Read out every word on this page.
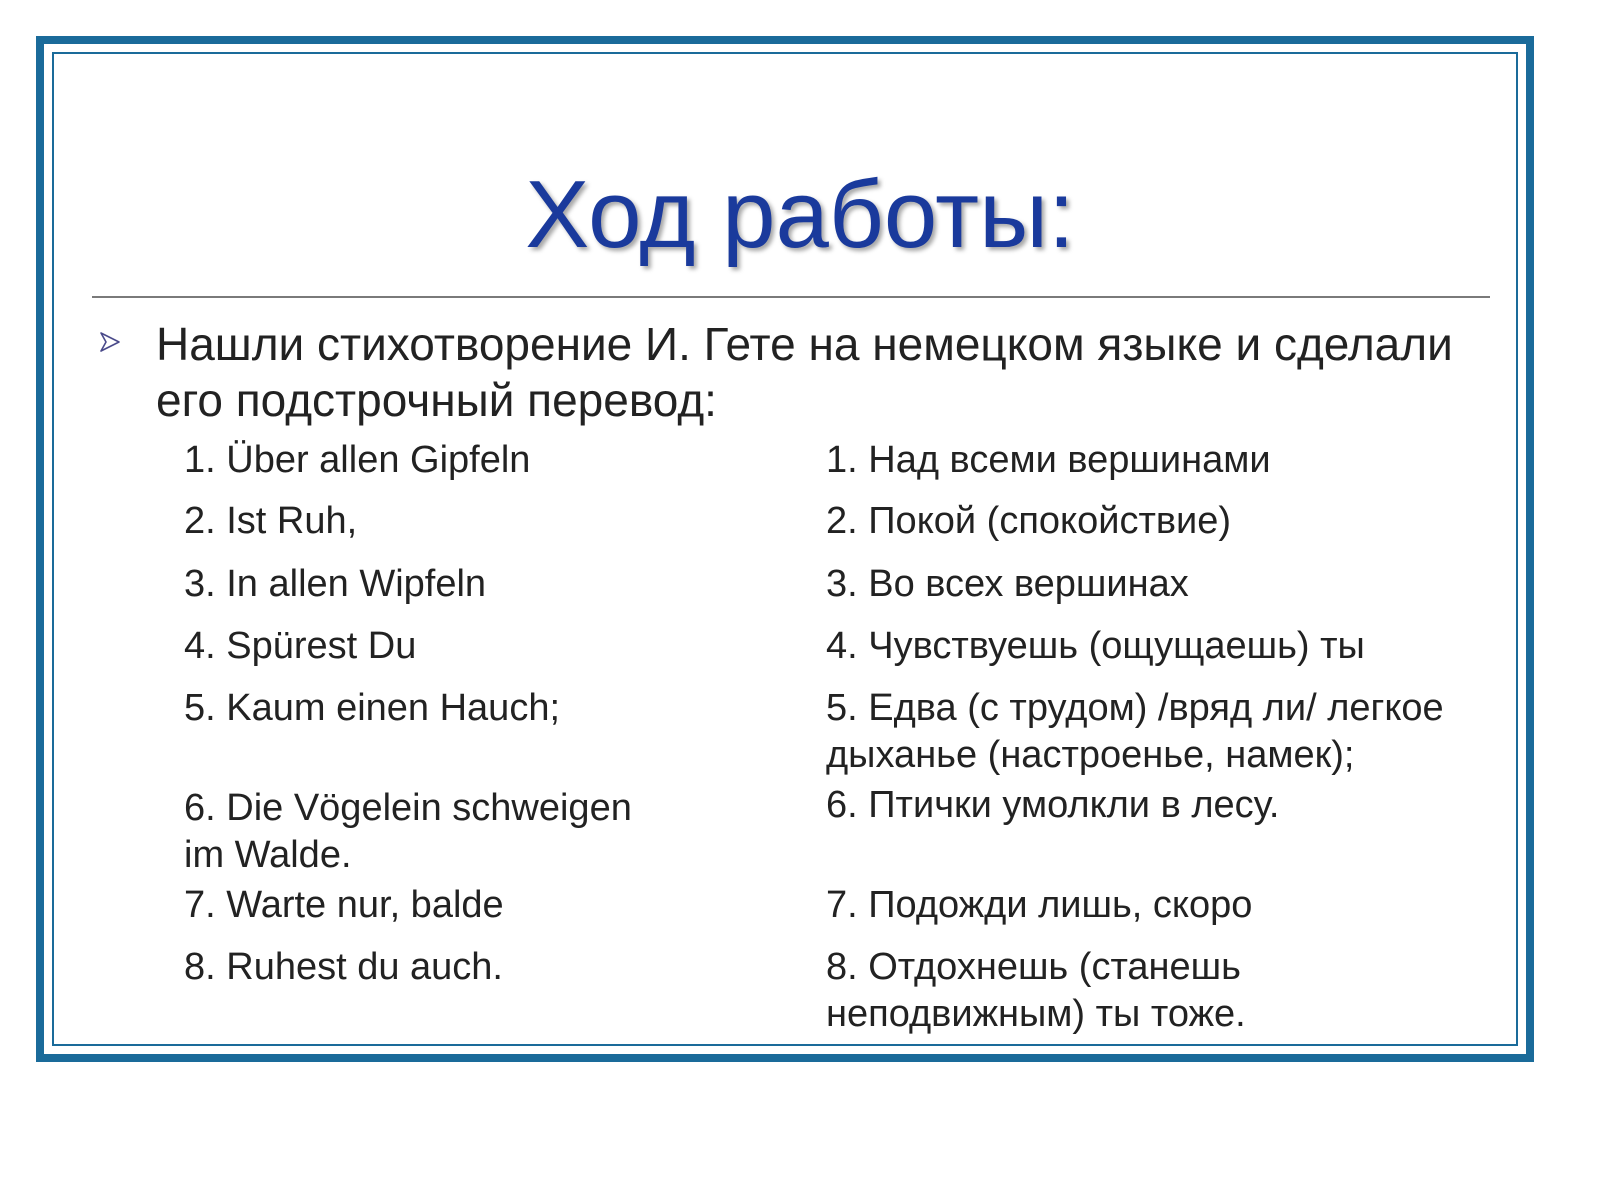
Ход работы:
Нашли стихотворение И. Гете на немецком языке и сделали его подстрочный перевод:
1. Über allen Gipfeln
2. Ist Ruh,
3. In allen Wipfeln
4. Spürest Du
5. Kaum einen Hauch;
6. Die Vögelein schweigen
im Walde.
7. Warte nur, balde
8. Ruhest du auch.
1. Над всеми вершинами
2. Покой (спокойствие)
3. Во всех вершинах
4. Чувствуешь (ощущаешь) ты
5. Едва (с трудом) /вряд ли/ легкое
дыханье (настроенье, намек);
6. Птички умолкли в лесу.
7. Подожди лишь, скоро
8. Отдохнешь (станешь
неподвижным) ты тоже.
